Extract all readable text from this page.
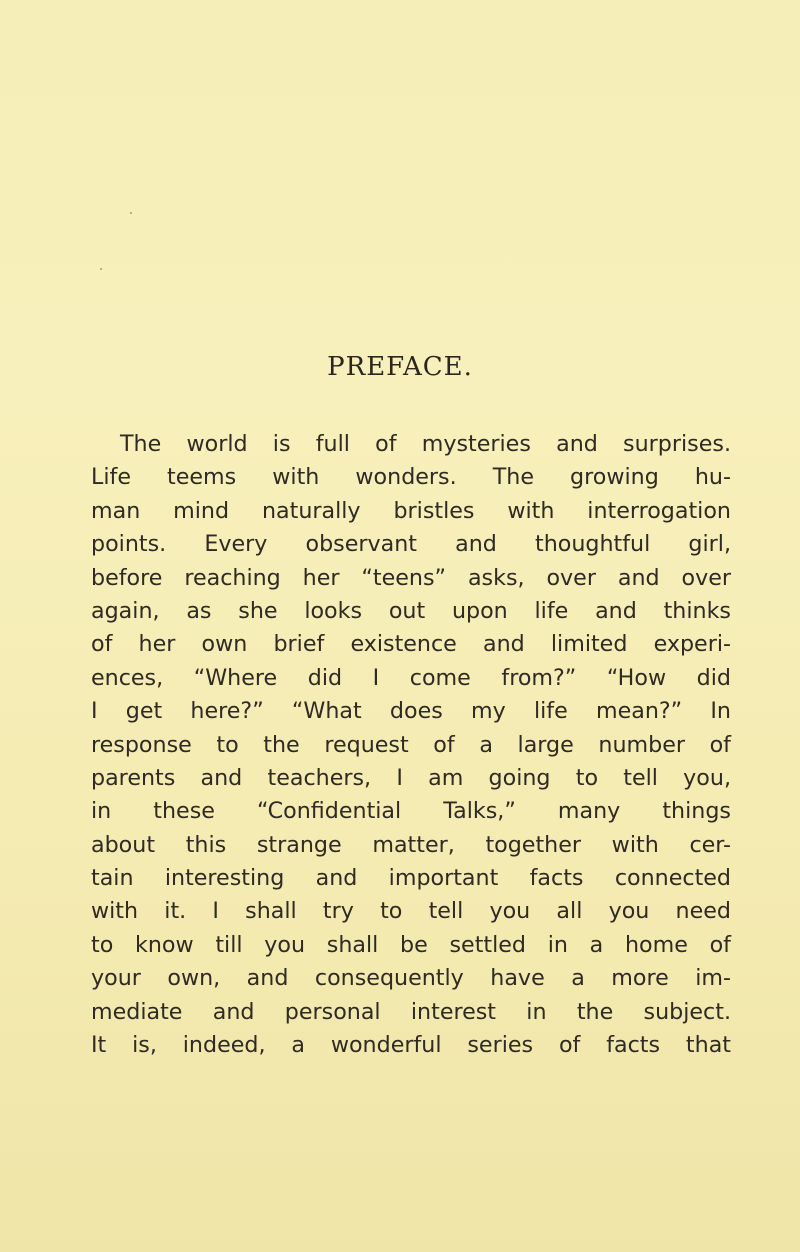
PREFACE.
The world is full of mysteries and surprises.
Life teems with wonders. The growing hu-
man mind naturally bristles with interrogation
points. Every observant and thoughtful girl,
before reaching her “teens” asks, over and over
again, as she looks out upon life and thinks
of her own brief existence and limited experi-
ences, “Where did I come from?” “How did
I get here?” “What does my life mean?” In
response to the request of a large number of
parents and teachers, I am going to tell you,
in these “Confidential Talks,” many things
about this strange matter, together with cer-
tain interesting and important facts connected
with it. I shall try to tell you all you need
to know till you shall be settled in a home of
your own, and consequently have a more im-
mediate and personal interest in the subject.
It is, indeed, a wonderful series of facts that
